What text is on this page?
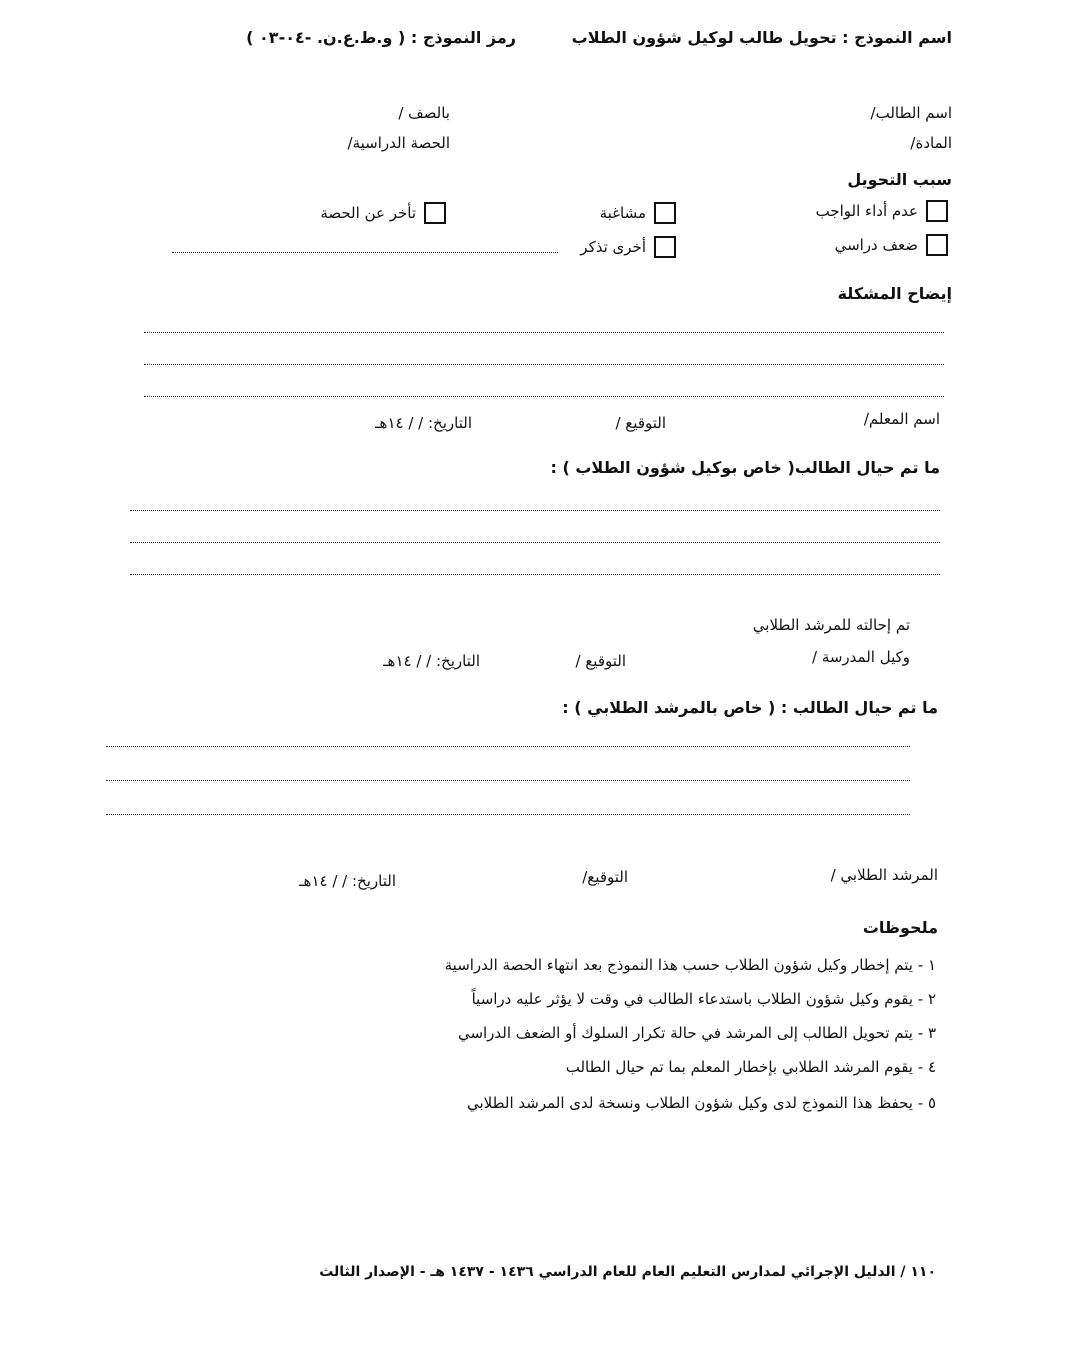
اسم النموذج : تحويل طالب لوكيل شؤون الطلاب
رمز النموذج : ( و.ط.ع.ن. -٠٤-٠٣ )
اسم الطالب/
بالصف /
المادة/
الحصة الدراسية/
سبب التحويل
عدم أداء الواجب
مشاغبة
تأخر عن الحصة
ضعف دراسي
أخرى تذكر
إيضاح المشكلة
اسم المعلم/
التوقيع /
التاريخ: / / ١٤هـ
ما تم حيال الطالب( خاص بوكيل شؤون الطلاب ) :
تم إحالته للمرشد الطلابي
وكيل المدرسة /
التوقيع /
التاريخ: / / ١٤هـ
ما تم حيال الطالب : ( خاص بالمرشد الطلابي ) :
المرشد الطلابي /
التوقيع/
التاريخ: / / ١٤هـ
ملحوظات
١ - يتم إخطار وكيل شؤون الطلاب حسب هذا النموذج بعد انتهاء الحصة الدراسية
٢ - يقوم وكيل شؤون الطلاب باستدعاء الطالب في وقت لا يؤثر عليه دراسياً
٣ - يتم تحويل الطالب إلى المرشد في حالة تكرار السلوك أو الضعف الدراسي
٤ - يقوم المرشد الطلابي بإخطار المعلم بما تم حيال الطالب
٥ - يحفظ هذا النموذج لدى وكيل شؤون الطلاب ونسخة لدى المرشد الطلابي
١١٠ / الدليل الإجرائي لمدارس التعليم العام للعام الدراسي ١٤٣٦ - ١٤٣٧ هـ - الإصدار الثالث
